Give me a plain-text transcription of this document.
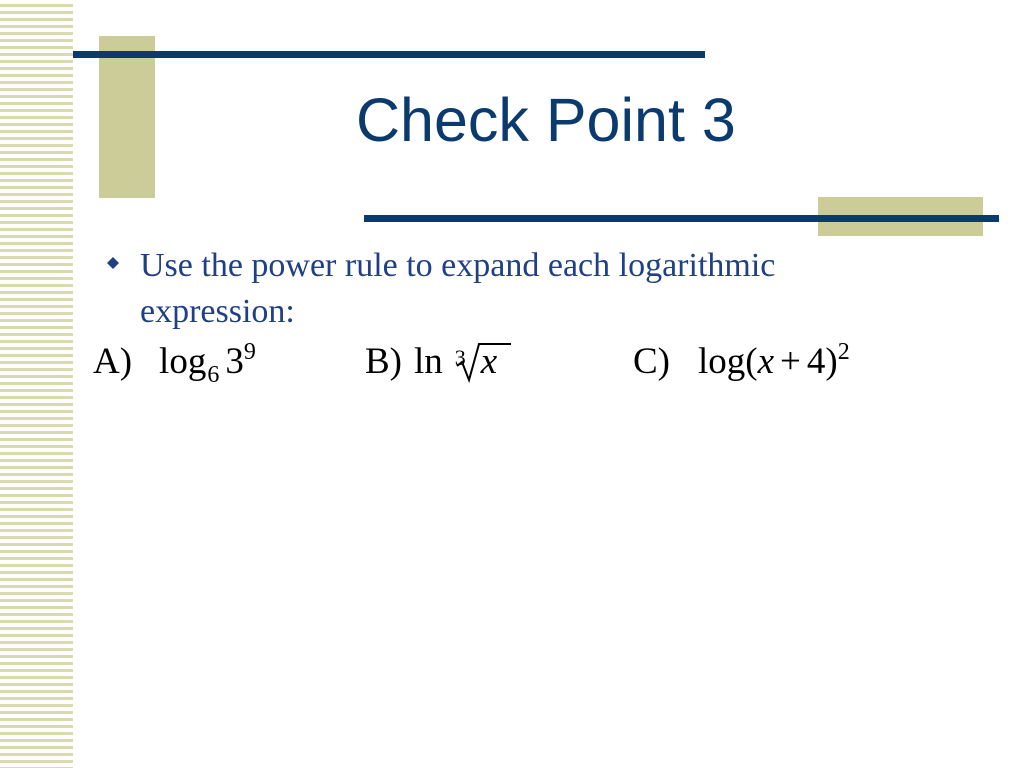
Check Point 3
Use the power rule to expand each logarithmic
expression:
A) $\log_6 3^9$	B) ln 3 x	C) $\log(x + 4)^2$
